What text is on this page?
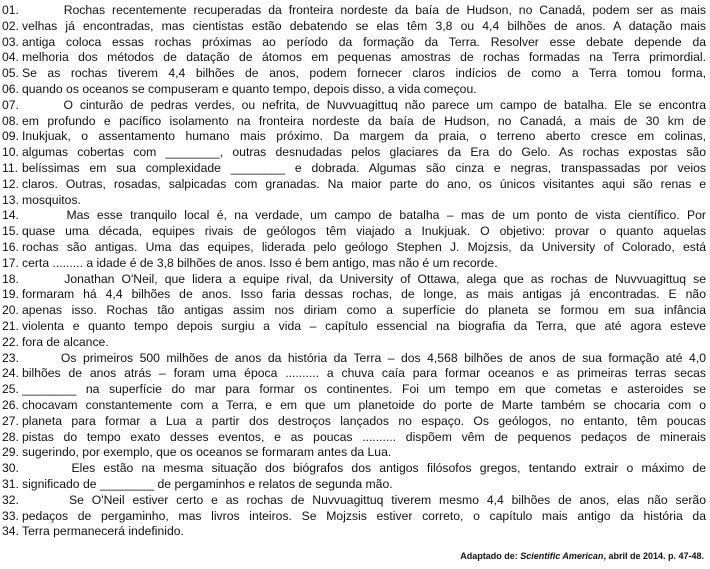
01. Rochas recentemente recuperadas da fronteira nordeste da baía de Hudson, no Canadá, podem ser as mais
02. velhas já encontradas, mas cientistas estão debatendo se elas têm 3,8 ou 4,4 bilhões de anos. A datação mais
03. antiga coloca essas rochas próximas ao período da formação da Terra. Resolver esse debate depende da
04. melhoria dos métodos de datação de átomos em pequenas amostras de rochas formadas na Terra primordial.
05. Se as rochas tiverem 4,4 bilhões de anos, podem fornecer claros indícios de como a Terra tomou forma,
06. quando os oceanos se compuseram e quanto tempo, depois disso, a vida começou.
07. O cinturão de pedras verdes, ou nefrita, de Nuvvuagittuq não parece um campo de batalha. Ele se encontra
08. em profundo e pacífico isolamento na fronteira nordeste da baía de Hudson, no Canadá, a mais de 30 km de
09. Inukjuak, o assentamento humano mais próximo. Da margem da praia, o terreno aberto cresce em colinas,
10. algumas cobertas com ________, outras desnudadas pelos glaciares da Era do Gelo. As rochas expostas são
11. belíssimas em sua complexidade ________ e dobrada. Algumas são cinza e negras, transpassadas por veios
12. claros. Outras, rosadas, salpicadas com granadas. Na maior parte do ano, os únicos visitantes aqui são renas e
13. mosquitos.
14. Mas esse tranquilo local é, na verdade, um campo de batalha – mas de um ponto de vista científico. Por
15. quase uma década, equipes rivais de geólogos têm viajado a Inukjuak. O objetivo: provar o quanto aquelas
16. rochas são antigas. Uma das equipes, liderada pelo geólogo Stephen J. Mojzsis, da University of Colorado, está
17. certa ......... a idade é de 3,8 bilhões de anos. Isso é bem antigo, mas não é um recorde.
18. Jonathan O'Neil, que lidera a equipe rival, da University of Ottawa, alega que as rochas de Nuvvuagittuq se
19. formaram há 4,4 bilhões de anos. Isso faria dessas rochas, de longe, as mais antigas já encontradas. E não
20. apenas isso. Rochas tão antigas assim nos diriam como a superfície do planeta se formou em sua infância
21. violenta e quanto tempo depois surgiu a vida – capítulo essencial na biografia da Terra, que até agora esteve
22. fora de alcance.
23. Os primeiros 500 milhões de anos da história da Terra – dos 4,568 bilhões de anos de sua formação até 4,0
24. bilhões de anos atrás – foram uma época .......... a chuva caía para formar oceanos e as primeiras terras secas
25. ________ na superfície do mar para formar os continentes. Foi um tempo em que cometas e asteroides se
26. chocavam constantemente com a Terra, e em que um planetoide do porte de Marte também se chocaria com o
27. planeta para formar a Lua a partir dos destroços lançados no espaço. Os geólogos, no entanto, têm poucas
28. pistas do tempo exato desses eventos, e as poucas .......... dispõem vêm de pequenos pedaços de minerais
29. sugerindo, por exemplo, que os oceanos se formaram antes da Lua.
30. Eles estão na mesma situação dos biógrafos dos antigos filósofos gregos, tentando extrair o máximo de
31. significado de ________ de pergaminhos e relatos de segunda mão.
32. Se O'Neil estiver certo e as rochas de Nuvvuagittuq tiverem mesmo 4,4 bilhões de anos, elas não serão
33. pedaços de pergaminho, mas livros inteiros. Se Mojzsis estiver correto, o capítulo mais antigo da história da
34. Terra permanecerá indefinido.
Adaptado de: Scientific American, abril de 2014. p. 47-48.
